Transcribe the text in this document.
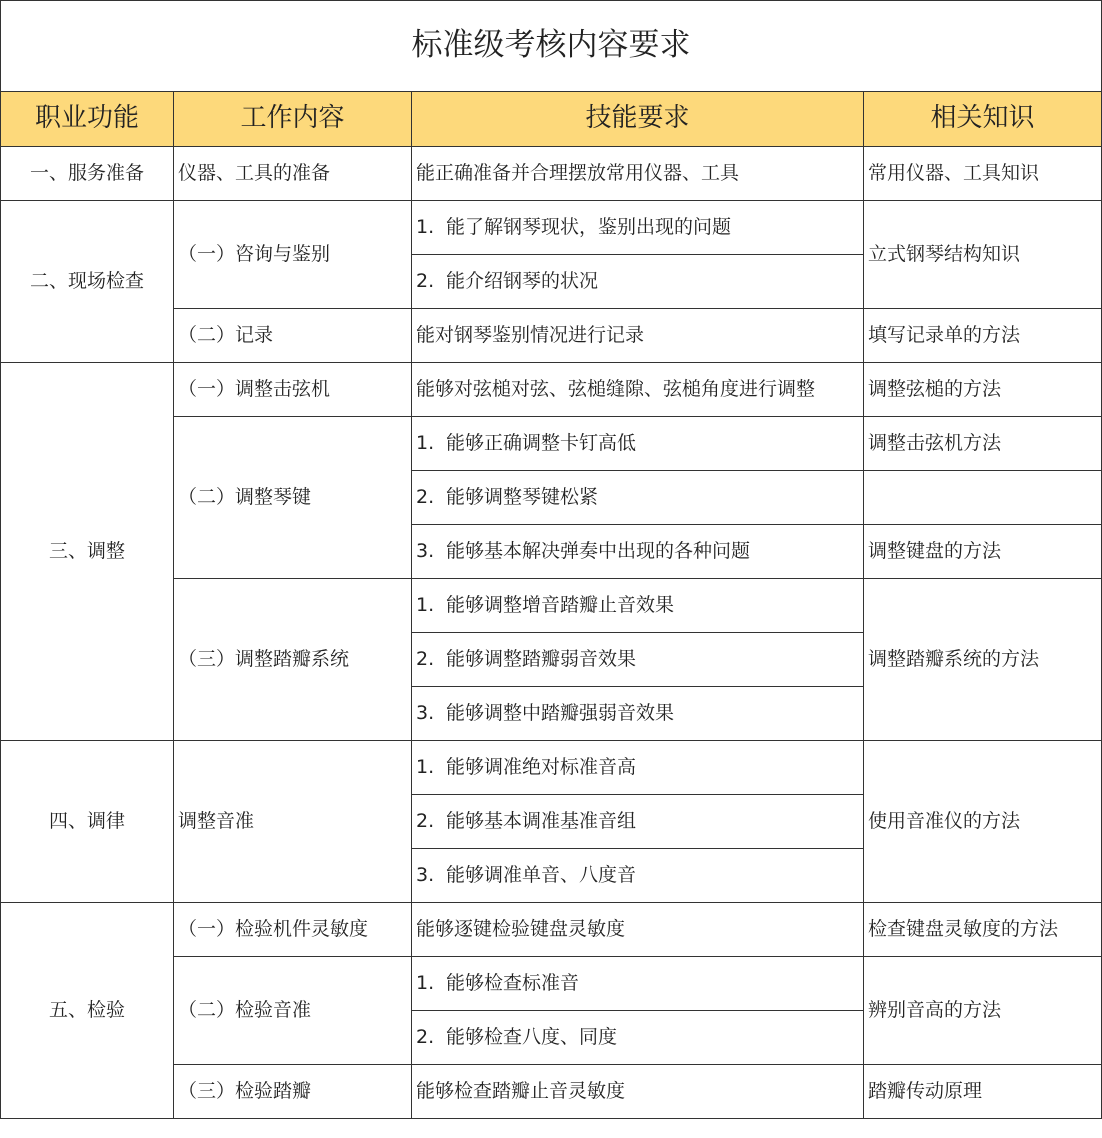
标准级考核内容要求			
职业功能	工作内容	技能要求	相关知识
一、服务准备	仪器、工具的准备	能正确准备并合理摆放常用仪器、工具	常用仪器、工具知识
二、现场检查	（一）咨询与鉴别	1. 能了解钢琴现状，鉴别出现的问题	立式钢琴结构知识
		2. 能介绍钢琴的状况	
	（二）记录	能对钢琴鉴别情况进行记录	填写记录单的方法
三、调整	（一）调整击弦机	能够对弦槌对弦、弦槌缝隙、弦槌角度进行调整	调整弦槌的方法
	（二）调整琴键	1. 能够正确调整卡钉高低	调整击弦机方法
		2. 能够调整琴键松紧	
		3. 能够基本解决弹奏中出现的各种问题	调整键盘的方法
	（三）调整踏瓣系统	1. 能够调整增音踏瓣止音效果	调整踏瓣系统的方法
		2. 能够调整踏瓣弱音效果	
		3. 能够调整中踏瓣强弱音效果	
四、调律	调整音准	1. 能够调准绝对标准音高	使用音准仪的方法
		2. 能够基本调准基准音组	
		3. 能够调准单音、八度音	
五、检验	（一）检验机件灵敏度	能够逐键检验键盘灵敏度	检查键盘灵敏度的方法
	（二）检验音准	1. 能够检查标准音	辨别音高的方法
		2. 能够检查八度、同度	
	（三）检验踏瓣	能够检查踏瓣止音灵敏度	踏瓣传动原理
